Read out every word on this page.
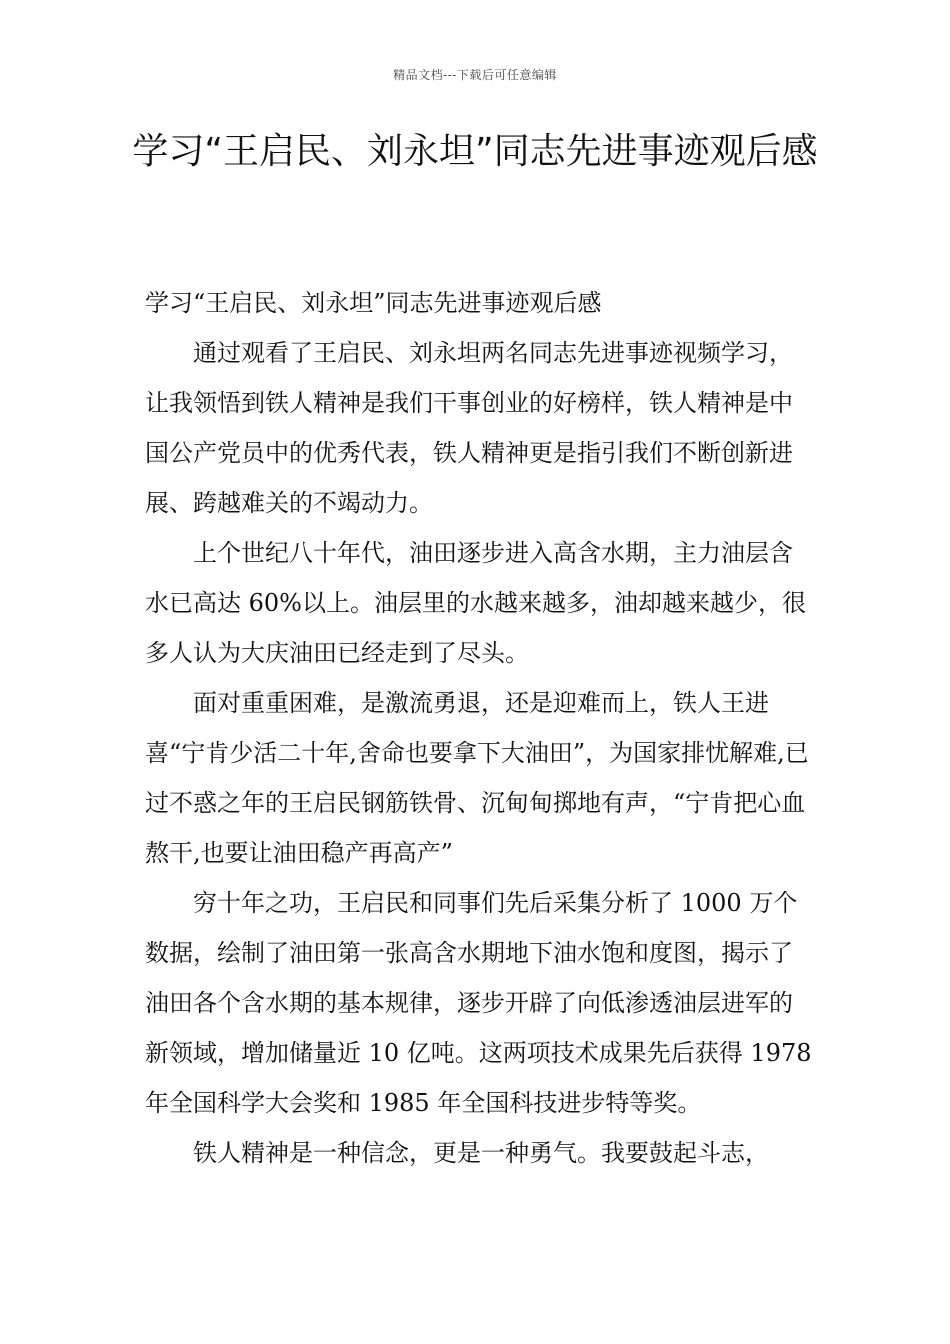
精品文档---下载后可任意编辑
学习“王启民、刘永坦”同志先进事迹观后感

学习“王启民、刘永坦”同志先进事迹观后感

通过观看了王启民、刘永坦两名同志先进事迹视频学习，让我领悟到铁人精神是我们干事创业的好榜样，铁人精神是中国公产党员中的优秀代表，铁人精神更是指引我们不断创新进展、跨越难关的不竭动力。

上个世纪八十年代，油田逐步进入高含水期，主力油层含水已高达 60%以上。油层里的水越来越多，油却越来越少，很多人认为大庆油田已经走到了尽头。

面对重重困难，是激流勇退，还是迎难而上，铁人王进喜“宁肯少活二十年,舍命也要拿下大油田”，为国家排忧解难,已过不惑之年的王启民钢筋铁骨、沉甸甸掷地有声，“宁肯把心血熬干,也要让油田稳产再高产”

穷十年之功，王启民和同事们先后采集分析了 1000 万个数据，绘制了油田第一张高含水期地下油水饱和度图，揭示了油田各个含水期的基本规律，逐步开辟了向低渗透油层进军的新领域，增加储量近 10 亿吨。这两项技术成果先后获得 1978 年全国科学大会奖和 1985 年全国科技进步特等奖。

铁人精神是一种信念，更是一种勇气。我要鼓起斗志，
